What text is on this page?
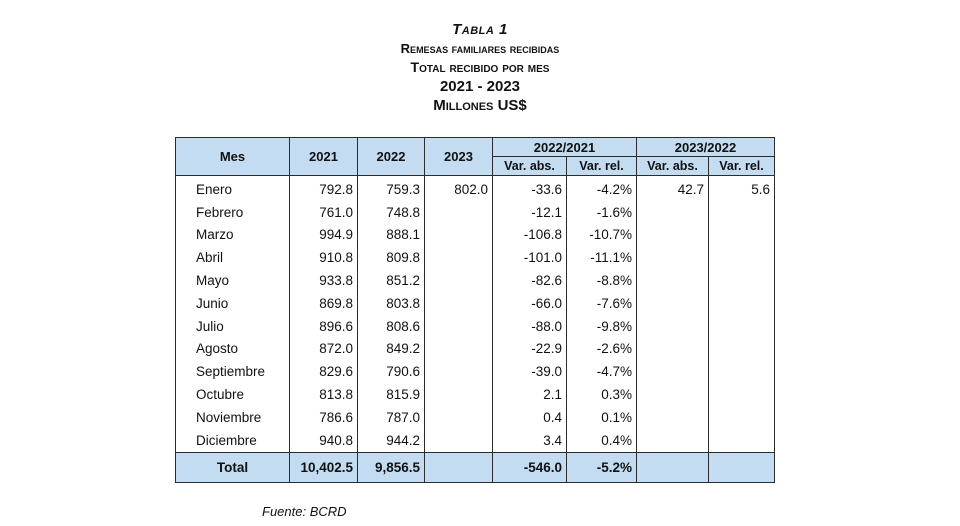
Tabla 1
Remesas familiares recibidas
Total recibido por mes
2021 - 2023
Millones US$
Mes	2021	2022	2023	2022/2021		2023/2022	
				Var. abs.	Var. rel.	Var. abs.	Var. rel.
Enero	792.8	759.3	802.0	-33.6	-4.2%	42.7	5.6
Febrero	761.0	748.8		-12.1	-1.6%		
Marzo	994.9	888.1		-106.8	-10.7%		
Abril	910.8	809.8		-101.0	-11.1%		
Mayo	933.8	851.2		-82.6	-8.8%		
Junio	869.8	803.8		-66.0	-7.6%		
Julio	896.6	808.6		-88.0	-9.8%		
Agosto	872.0	849.2		-22.9	-2.6%		
Septiembre	829.6	790.6		-39.0	-4.7%		
Octubre	813.8	815.9		2.1	0.3%		
Noviembre	786.6	787.0		0.4	0.1%		
Diciembre	940.8	944.2		3.4	0.4%		
Total	10,402.5	9,856.5		-546.0	-5.2%		
Fuente: BCRD
